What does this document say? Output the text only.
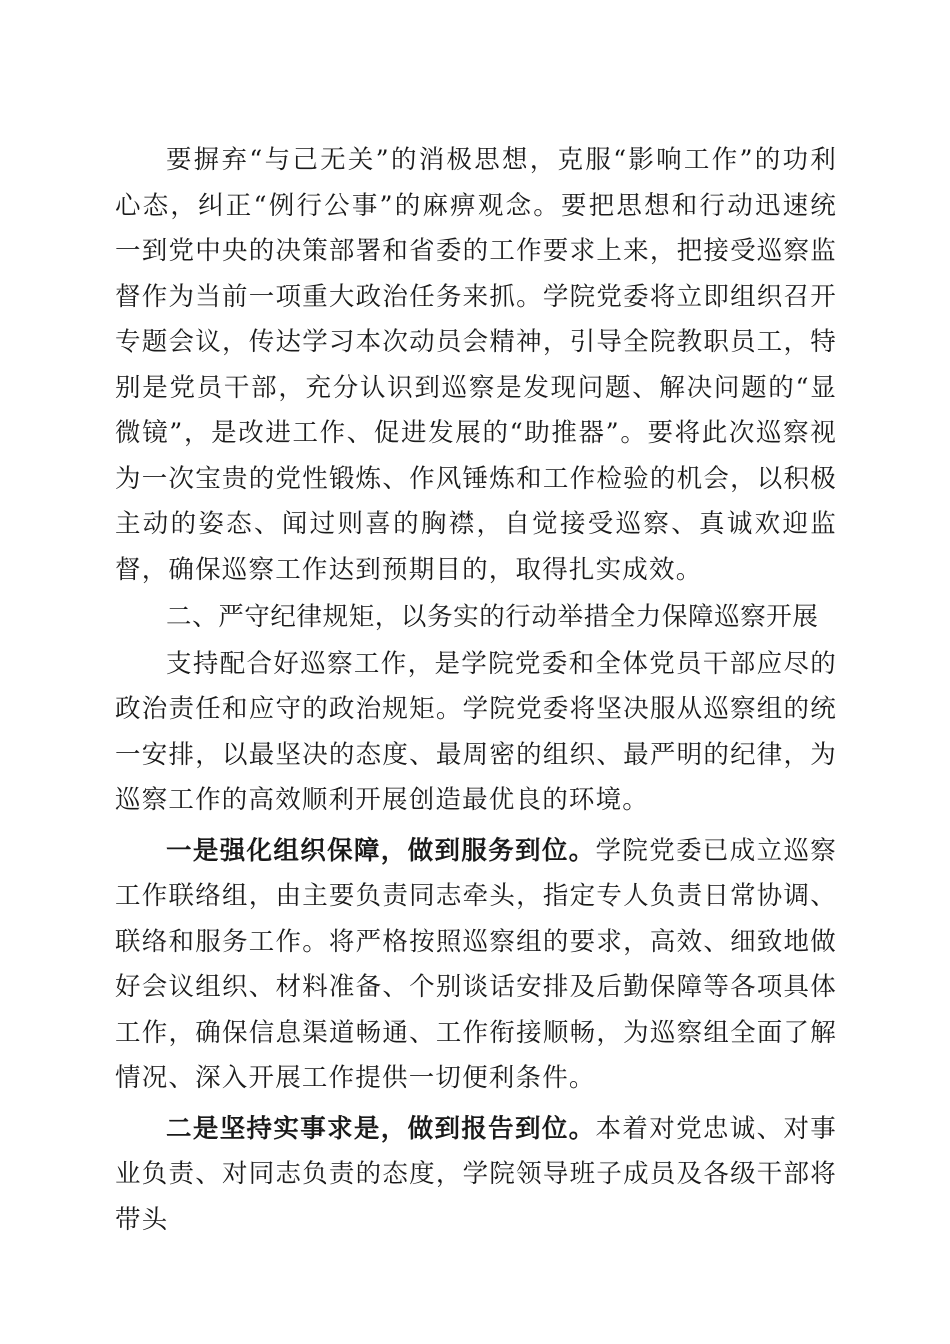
要摒弃“与己无关”的消极思想，克服“影响工作”的功利心态，纠正“例行公事”的麻痹观念。要把思想和行动迅速统一到党中央的决策部署和省委的工作要求上来，把接受巡察监督作为当前一项重大政治任务来抓。学院党委将立即组织召开专题会议，传达学习本次动员会精神，引导全院教职员工，特别是党员干部，充分认识到巡察是发现问题、解决问题的“显微镜”，是改进工作、促进发展的“助推器”。要将此次巡察视为一次宝贵的党性锻炼、作风锤炼和工作检验的机会，以积极主动的姿态、闻过则喜的胸襟，自觉接受巡察、真诚欢迎监督，确保巡察工作达到预期目的，取得扎实成效。

二、严守纪律规矩，以务实的行动举措全力保障巡察开展

支持配合好巡察工作，是学院党委和全体党员干部应尽的政治责任和应守的政治规矩。学院党委将坚决服从巡察组的统一安排，以最坚决的态度、最周密的组织、最严明的纪律，为巡察工作的高效顺利开展创造最优良的环境。

一是强化组织保障，做到服务到位。学院党委已成立巡察工作联络组，由主要负责同志牵头，指定专人负责日常协调、联络和服务工作。将严格按照巡察组的要求，高效、细致地做好会议组织、材料准备、个别谈话安排及后勤保障等各项具体工作，确保信息渠道畅通、工作衔接顺畅，为巡察组全面了解情况、深入开展工作提供一切便利条件。

二是坚持实事求是，做到报告到位。本着对党忠诚、对事业负责、对同志负责的态度，学院领导班子成员及各级干部将带头
